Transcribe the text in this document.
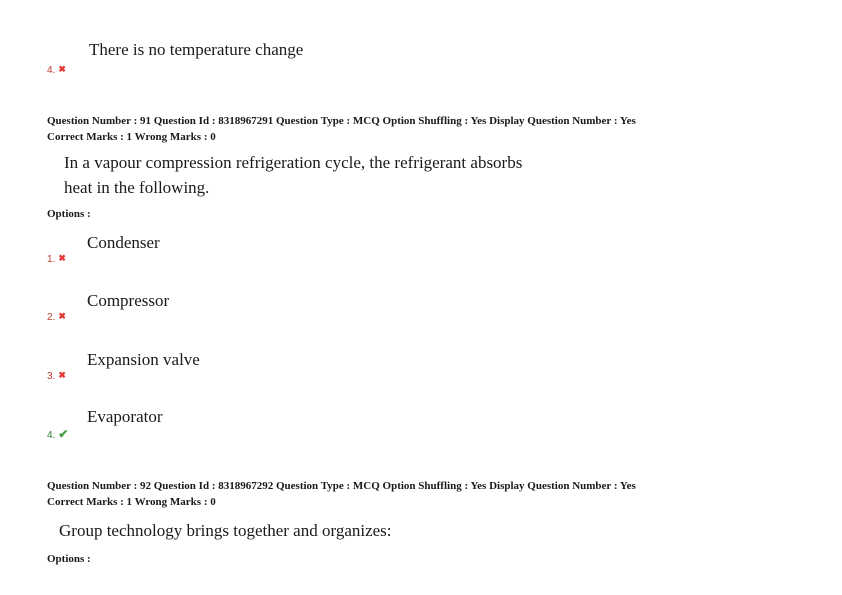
There is no temperature change
4. ✖
Question Number : 91 Question Id : 8318967291 Question Type : MCQ Option Shuffling : Yes Display Question Number : Yes
Correct Marks : 1 Wrong Marks : 0
In a vapour compression refrigeration cycle, the refrigerant absorbs
heat in the following.
Options :
Condenser
1. ✖
Compressor
2. ✖
Expansion valve
3. ✖
Evaporator
4. ✔
Question Number : 92 Question Id : 8318967292 Question Type : MCQ Option Shuffling : Yes Display Question Number : Yes
Correct Marks : 1 Wrong Marks : 0
Group technology brings together and organizes:
Options :
